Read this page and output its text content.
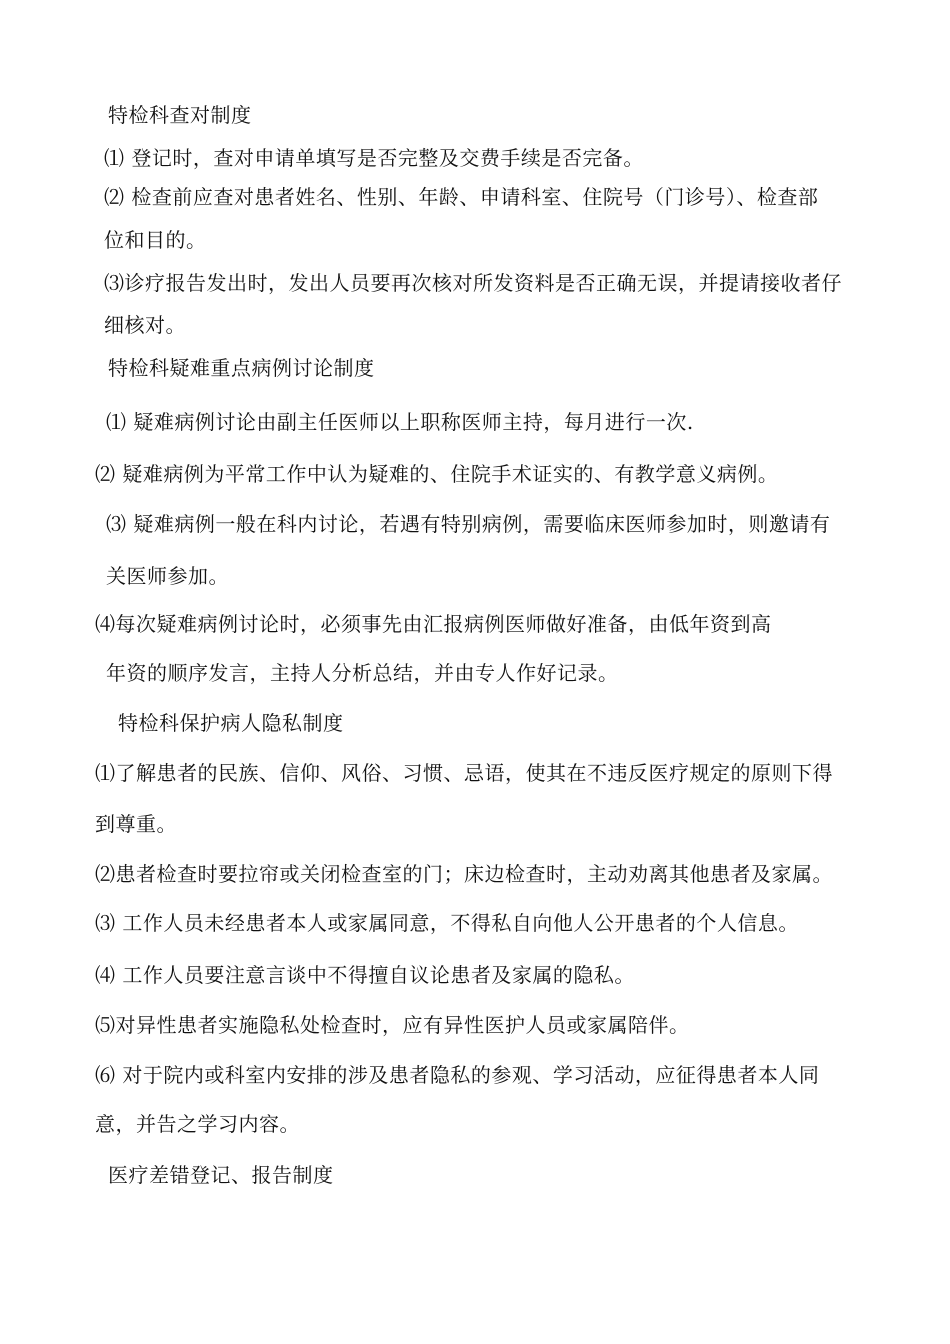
特检科查对制度
⑴ 登记时，查对申请单填写是否完整及交费手续是否完备。
⑵ 检查前应查对患者姓名、性别、年龄、申请科室、住院号（门诊号）、检查部
位和目的。
⑶诊疗报告发出时，发出人员要再次核对所发资料是否正确无误，并提请接收者仔
细核对。
特检科疑难重点病例讨论制度
⑴ 疑难病例讨论由副主任医师以上职称医师主持，每月进行一次.
⑵ 疑难病例为平常工作中认为疑难的、住院手术证实的、有教学意义病例。
⑶ 疑难病例一般在科内讨论，若遇有特别病例，需要临床医师参加时，则邀请有
关医师参加。
⑷每次疑难病例讨论时，必须事先由汇报病例医师做好准备，由低年资到高
年资的顺序发言，主持人分析总结，并由专人作好记录。
特检科保护病人隐私制度
⑴了解患者的民族、信仰、风俗、习惯、忌语，使其在不违反医疗规定的原则下得
到尊重。
⑵患者检查时要拉帘或关闭检查室的门；床边检查时，主动劝离其他患者及家属。
⑶ 工作人员未经患者本人或家属同意，不得私自向他人公开患者的个人信息。
⑷ 工作人员要注意言谈中不得擅自议论患者及家属的隐私。
⑸对异性患者实施隐私处检查时，应有异性医护人员或家属陪伴。
⑹ 对于院内或科室内安排的涉及患者隐私的参观、学习活动，应征得患者本人同
意，并告之学习内容。
医疗差错登记、报告制度
